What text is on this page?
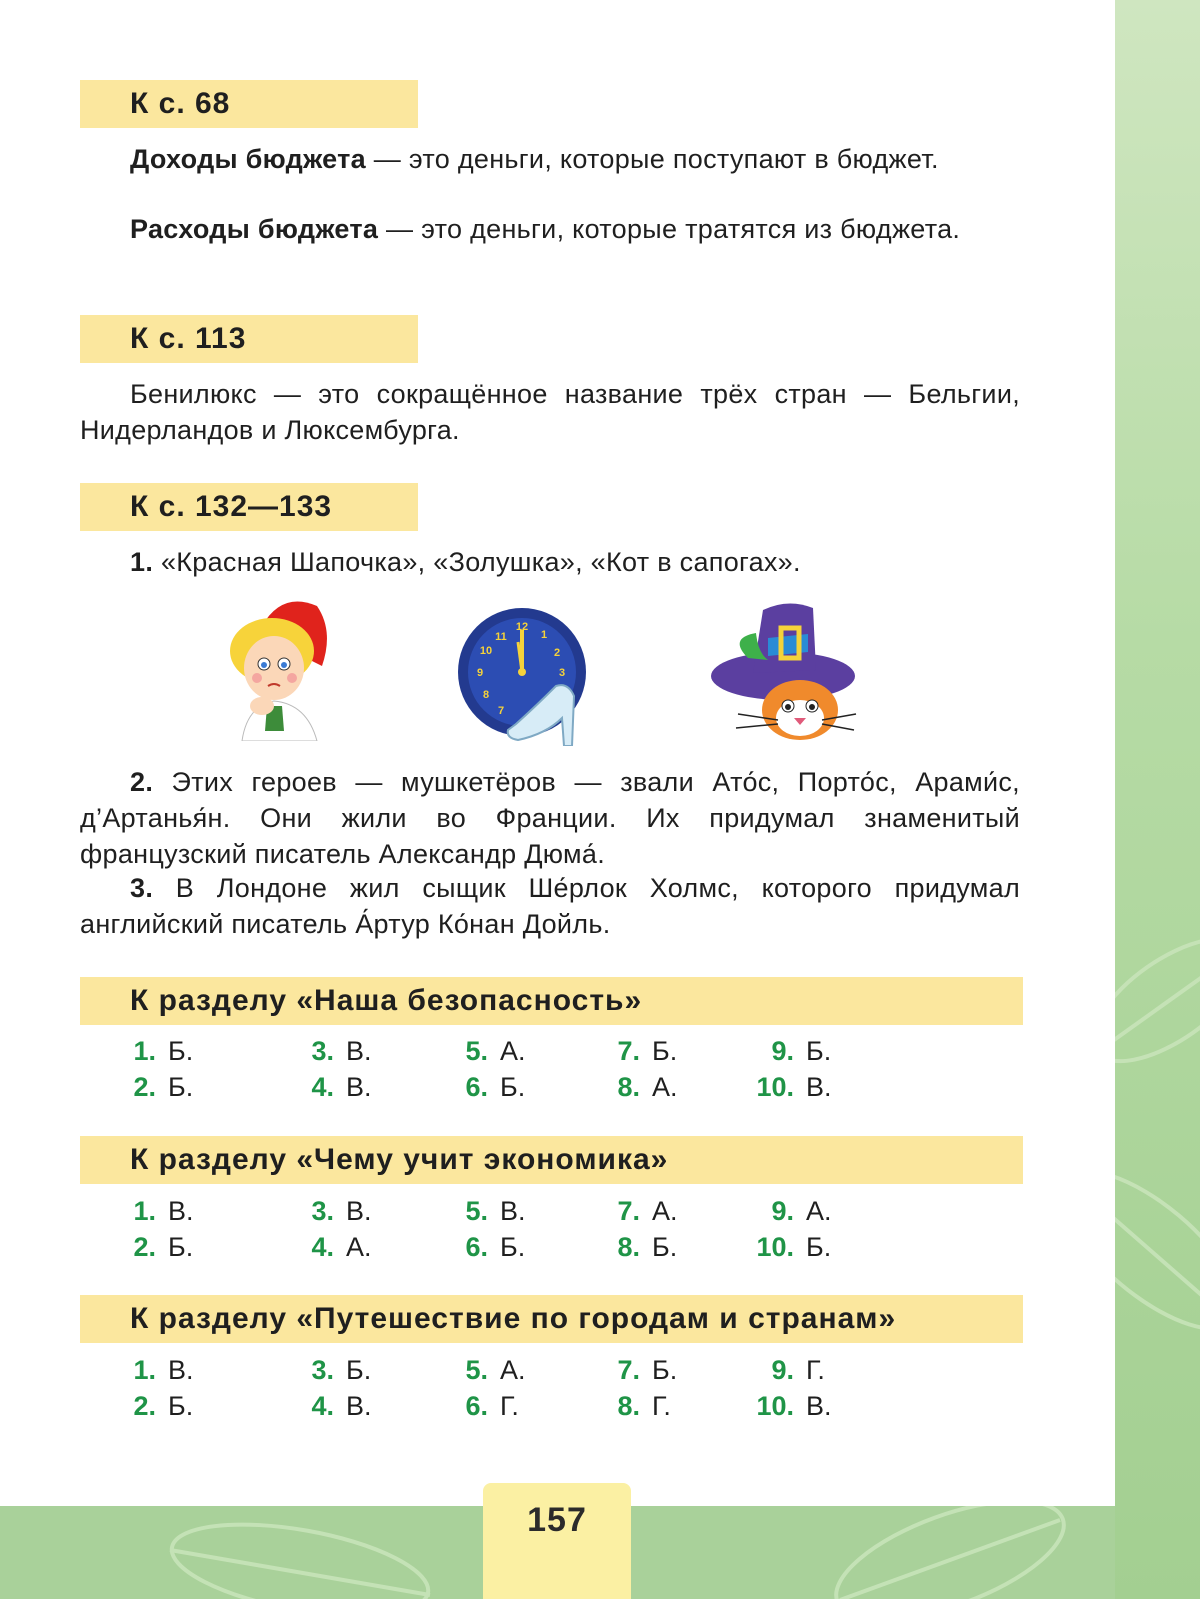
К с. 68

Доходы бюджета — это деньги, которые поступают в бюджет.

Расходы бюджета — это деньги, которые тратятся из бюджета.

К с. 113

Бенилюкс — это сокращённое название трёх стран — Бельгии, Нидерландов и Люксембурга.

К с. 132—133

1. «Красная Шапочка», «Золушка», «Кот в сапогах».

12
1
2
3
11
10
9
8
7

2. Этих героев — мушкетёров — звали Ато́с, Порто́с, Арами́с, д’Артанья́н. Они жили во Франции. Их придумал знаменитый французский писатель Александр Дюма́.

3. В Лондоне жил сыщик Ше́рлок Холмс, которого придумал английский писатель А́ртур Ко́нан Дойль.

К разделу «Наша безопасность»
1. Б.
2. Б.
3. В.
4. В.
5. А.
6. Б.
7. Б.
8. А.
9. Б.
10. В.
К разделу «Чему учит экономика»
1. В.
2. Б.
3. В.
4. А.
5. В.
6. Б.
7. А.
8. Б.
9. А.
10. Б.
К разделу «Путешествие по городам и странам»
1. В.
2. Б.
3. Б.
4. В.
5. А.
6. Г.
7. Б.
8. Г.
9. Г.
10. В.
157
